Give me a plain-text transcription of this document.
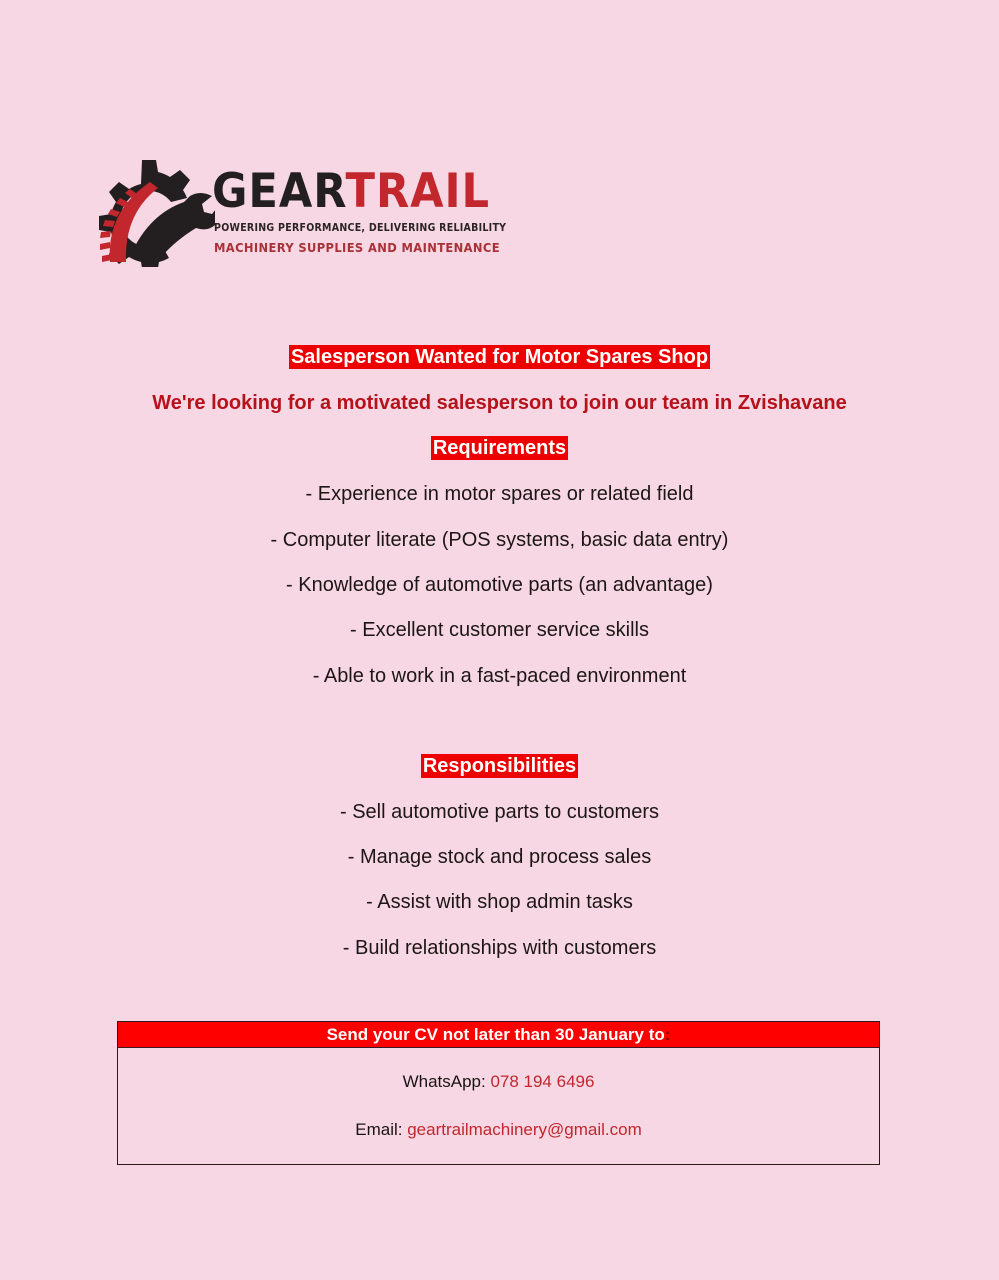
GEARTRAIL
POWERING PERFORMANCE, DELIVERING RELIABILITY
MACHINERY SUPPLIES AND MAINTENANCE
Salesperson Wanted for Motor Spares Shop
We're looking for a motivated salesperson to join our team in Zvishavane
Requirements
- Experience in motor spares or related field
- Computer literate (POS systems, basic data entry)
- Knowledge of automotive parts (an advantage)
- Excellent customer service skills
- Able to work in a fast-paced environment
Responsibilities
- Sell automotive parts to customers
- Manage stock and process sales
- Assist with shop admin tasks
- Build relationships with customers
Send your CV not later than 30 January to:
WhatsApp: 078 194 6496
Email: geartrailmachinery@gmail.com
